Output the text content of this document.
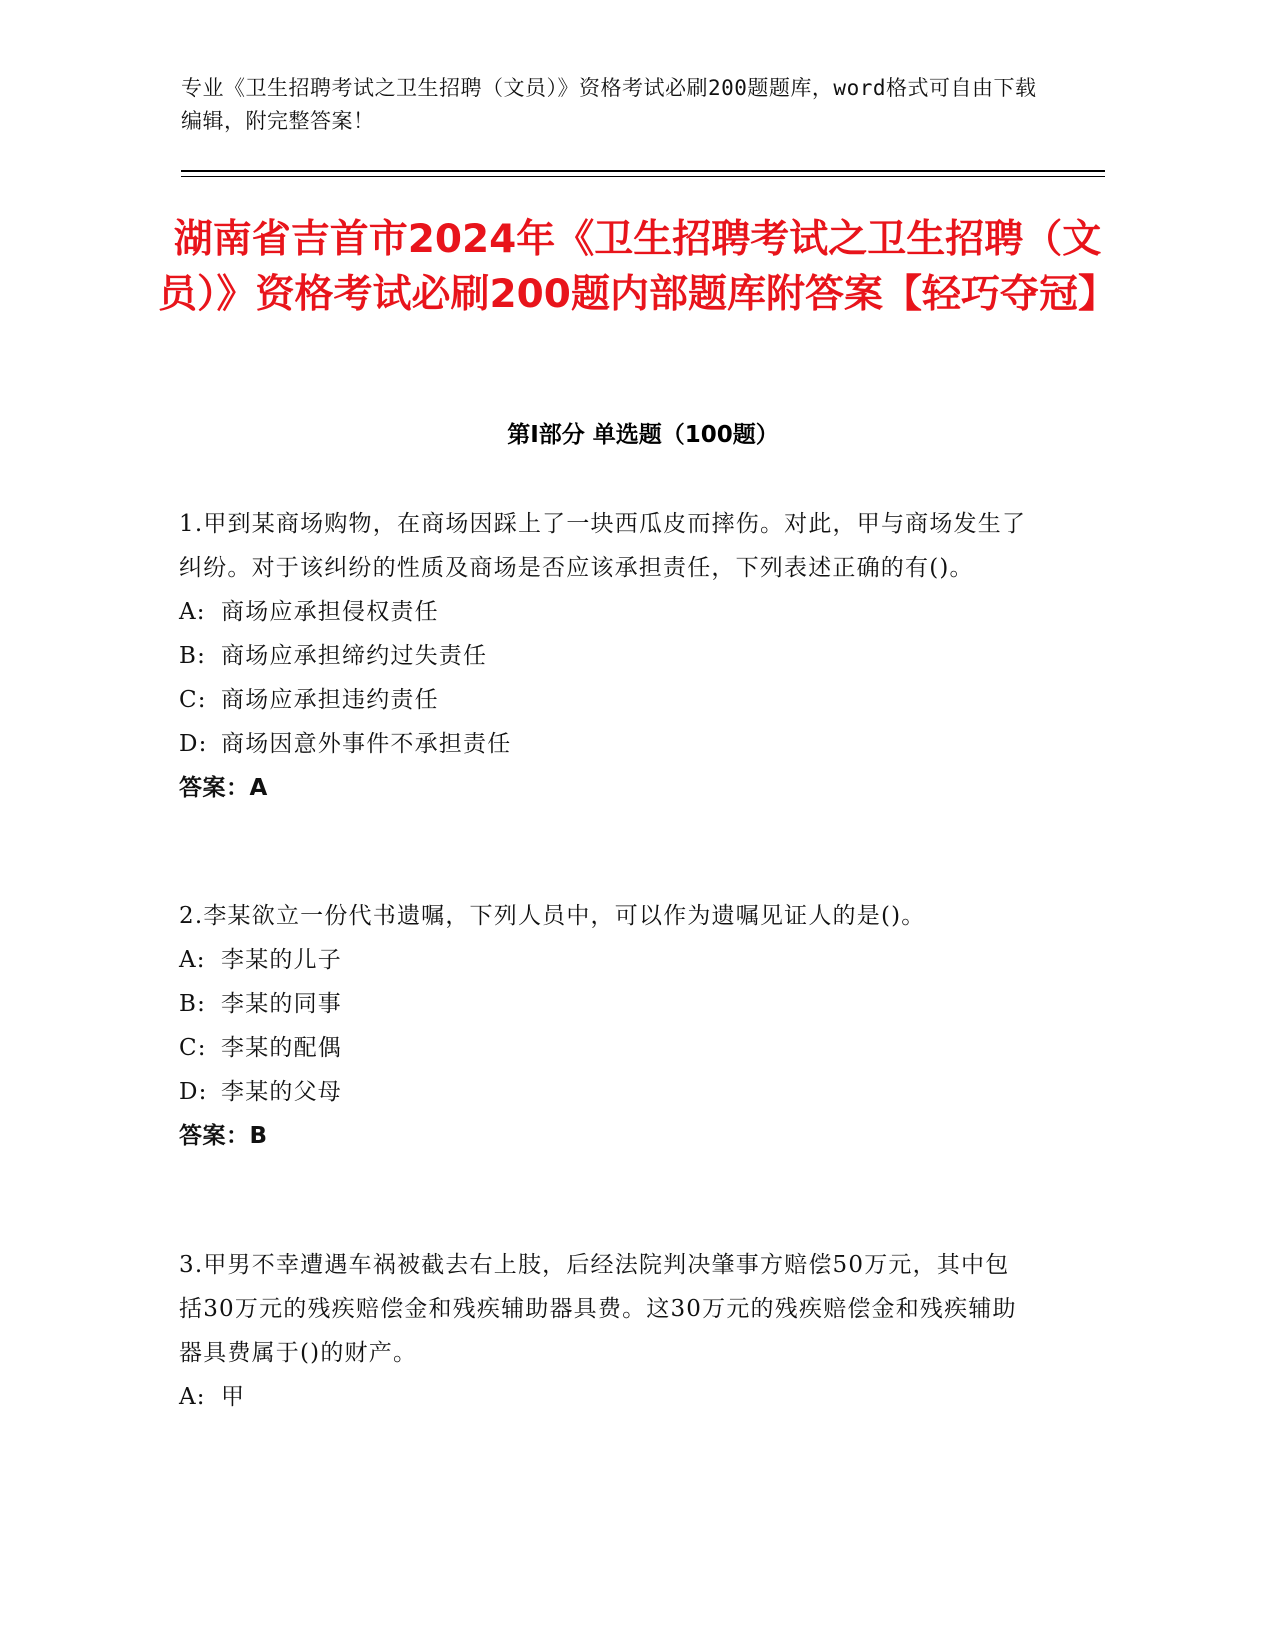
专业《卫生招聘考试之卫生招聘（文员）》资格考试必刷200题题库，word格式可自由下载编辑，附完整答案！
湖南省吉首市2024年《卫生招聘考试之卫生招聘（文员）》资格考试必刷200题内部题库附答案【轻巧夺冠】
第Ⅰ部分 单选题（100题）

1.甲到某商场购物，在商场因踩上了一块西瓜皮而摔伤。对此，甲与商场发生了纠纷。对于该纠纷的性质及商场是否应该承担责任，下列表述正确的有()。

A: 商场应承担侵权责任

B: 商场应承担缔约过失责任

C: 商场应承担违约责任

D: 商场因意外事件不承担责任

答案：A

2.李某欲立一份代书遗嘱，下列人员中，可以作为遗嘱见证人的是()。

A: 李某的儿子

B: 李某的同事

C: 李某的配偶

D: 李某的父母

答案：B

3.甲男不幸遭遇车祸被截去右上肢，后经法院判决肇事方赔偿50万元，其中包括30万元的残疾赔偿金和残疾辅助器具费。这30万元的残疾赔偿金和残疾辅助器具费属于()的财产。

A: 甲
